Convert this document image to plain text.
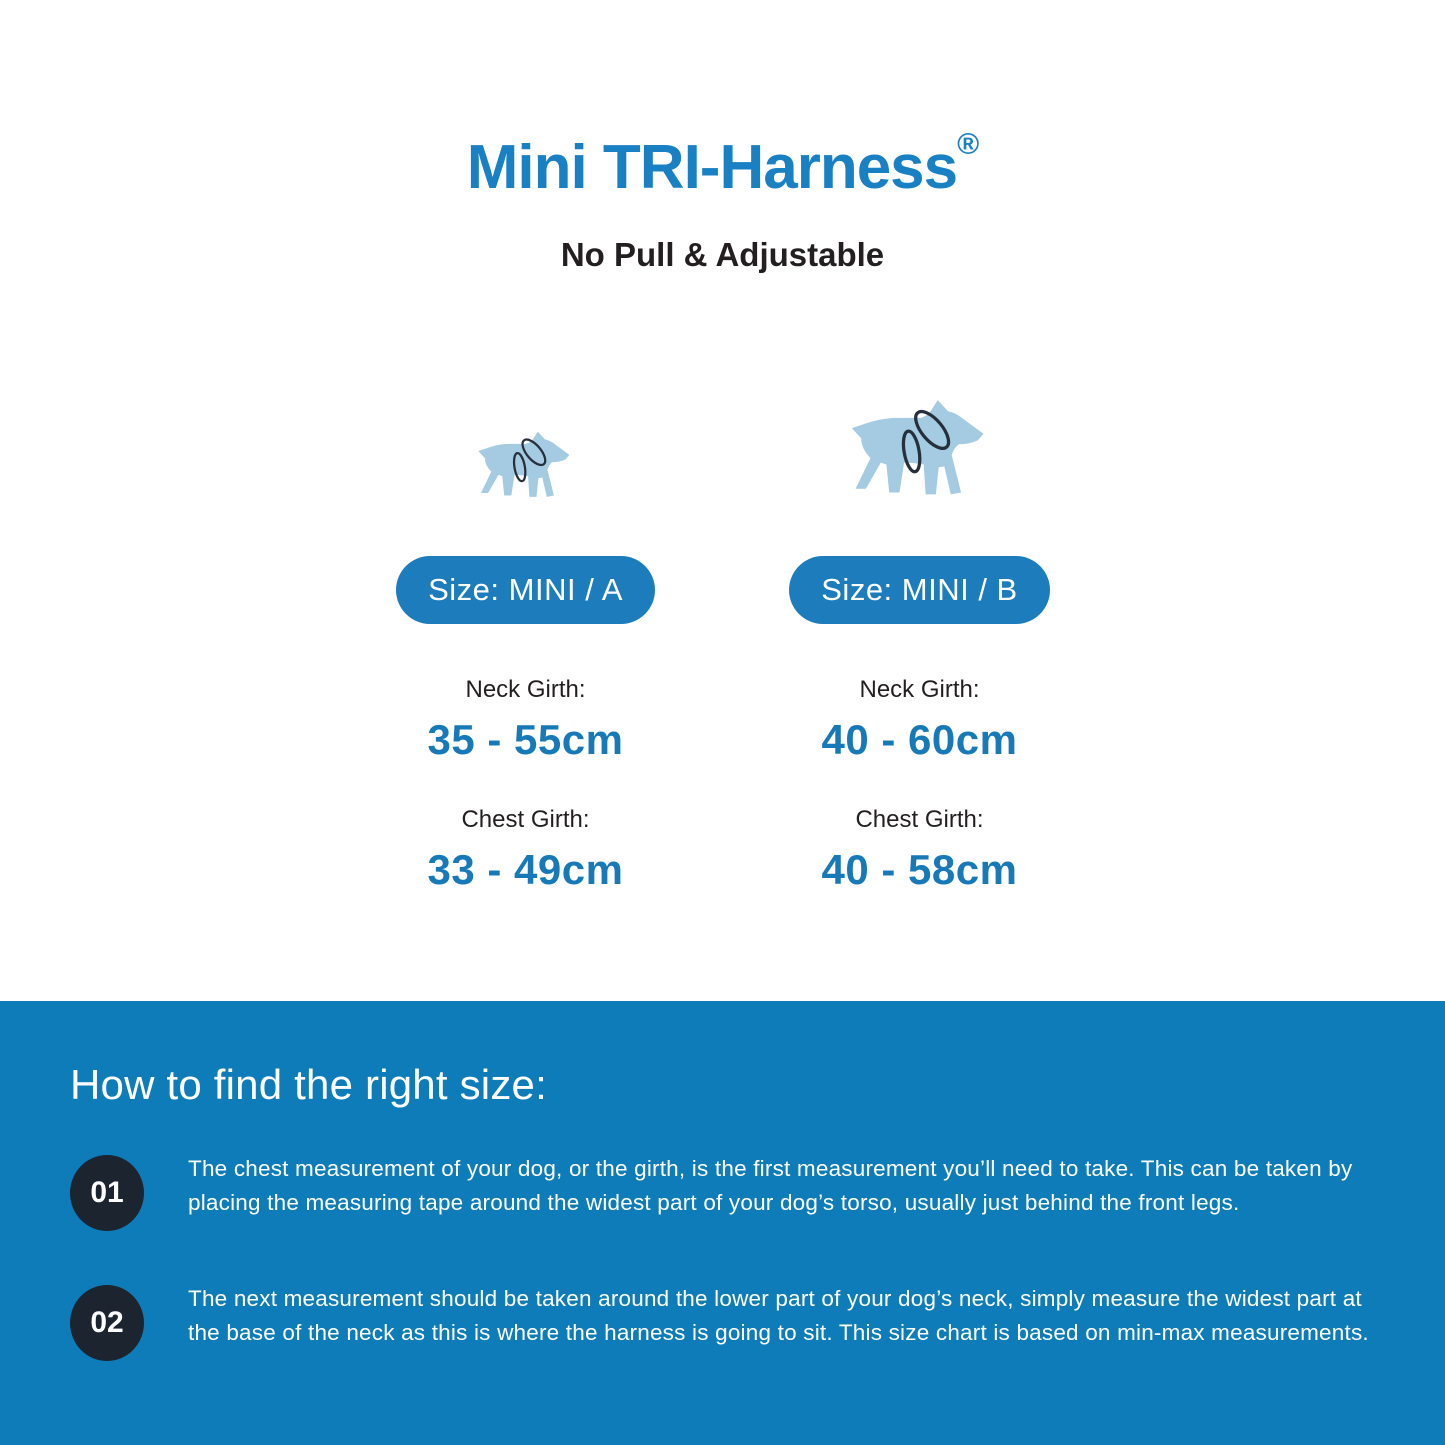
Mini TRI-Harness®
No Pull & Adjustable
Size: MINI / A
Neck Girth:
35 - 55cm
Chest Girth:
33 - 49cm
Size: MINI / B
Neck Girth:
40 - 60cm
Chest Girth:
40 - 58cm
How to find the right size:
01
The chest measurement of your dog, or the girth, is the first measurement you’ll need to take. This can be taken by placing the measuring tape around the widest part of your dog’s torso, usually just behind the front legs.
02
The next measurement should be taken around the lower part of your dog’s neck, simply measure the widest part at the base of the neck as this is where the harness is going to sit. This size chart is based on min-max measurements.
